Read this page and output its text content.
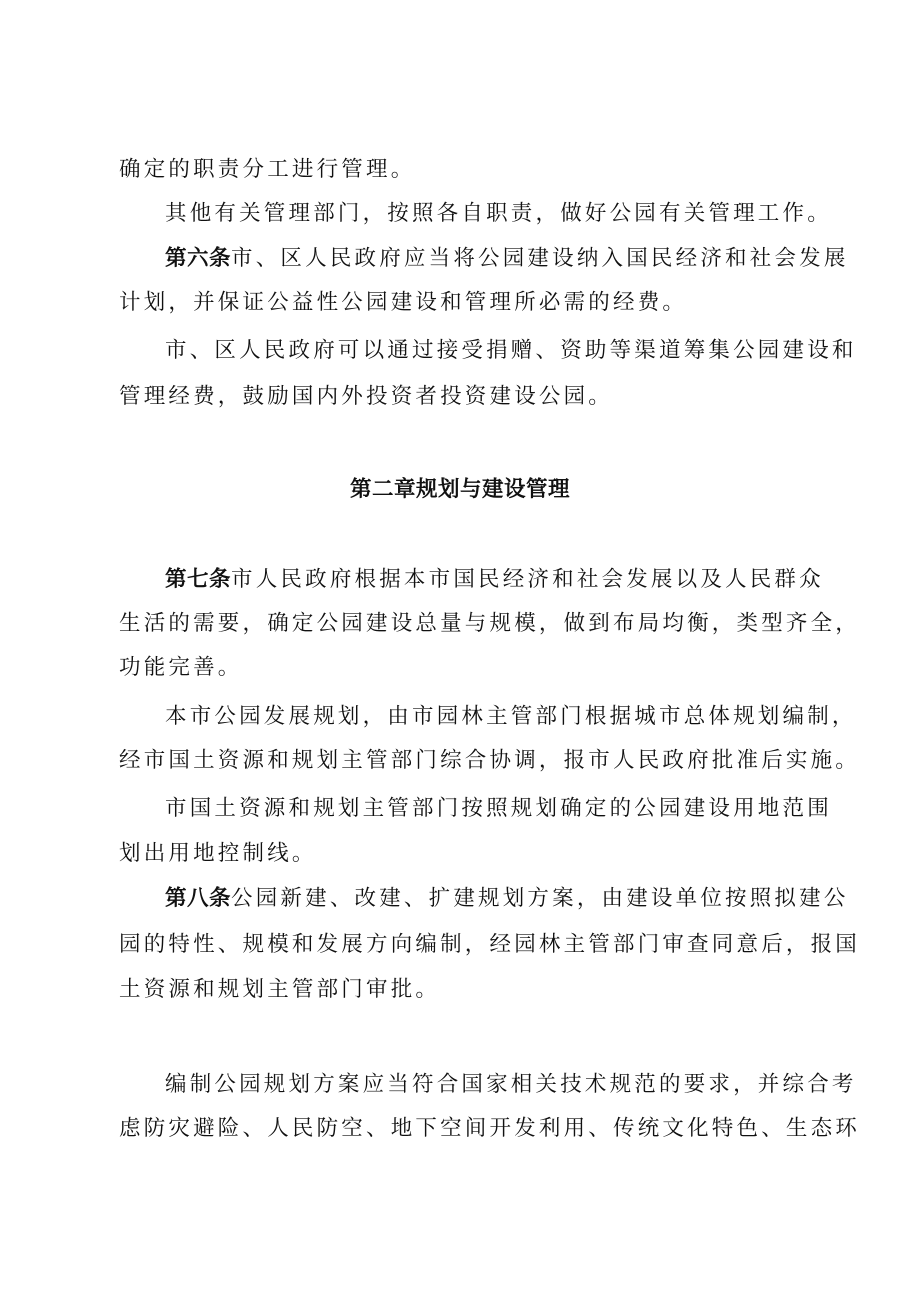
确定的职责分工进行管理。
其他有关管理部门，按照各自职责，做好公园有关管理工作。
第六条市、区人民政府应当将公园建设纳入国民经济和社会发展
计划，并保证公益性公园建设和管理所必需的经费。
市、区人民政府可以通过接受捐赠、资助等渠道筹集公园建设和
管理经费，鼓励国内外投资者投资建设公园。
第二章规划与建设管理
第七条市人民政府根据本市国民经济和社会发展以及人民群众
生活的需要，确定公园建设总量与规模，做到布局均衡，类型齐全，
功能完善。
本市公园发展规划，由市园林主管部门根据城市总体规划编制，
经市国土资源和规划主管部门综合协调，报市人民政府批准后实施。
市国土资源和规划主管部门按照规划确定的公园建设用地范围
划出用地控制线。
第八条公园新建、改建、扩建规划方案，由建设单位按照拟建公
园的特性、规模和发展方向编制，经园林主管部门审查同意后，报国
土资源和规划主管部门审批。
编制公园规划方案应当符合国家相关技术规范的要求，并综合考
虑防灾避险、人民防空、地下空间开发利用、传统文化特色、生态环
